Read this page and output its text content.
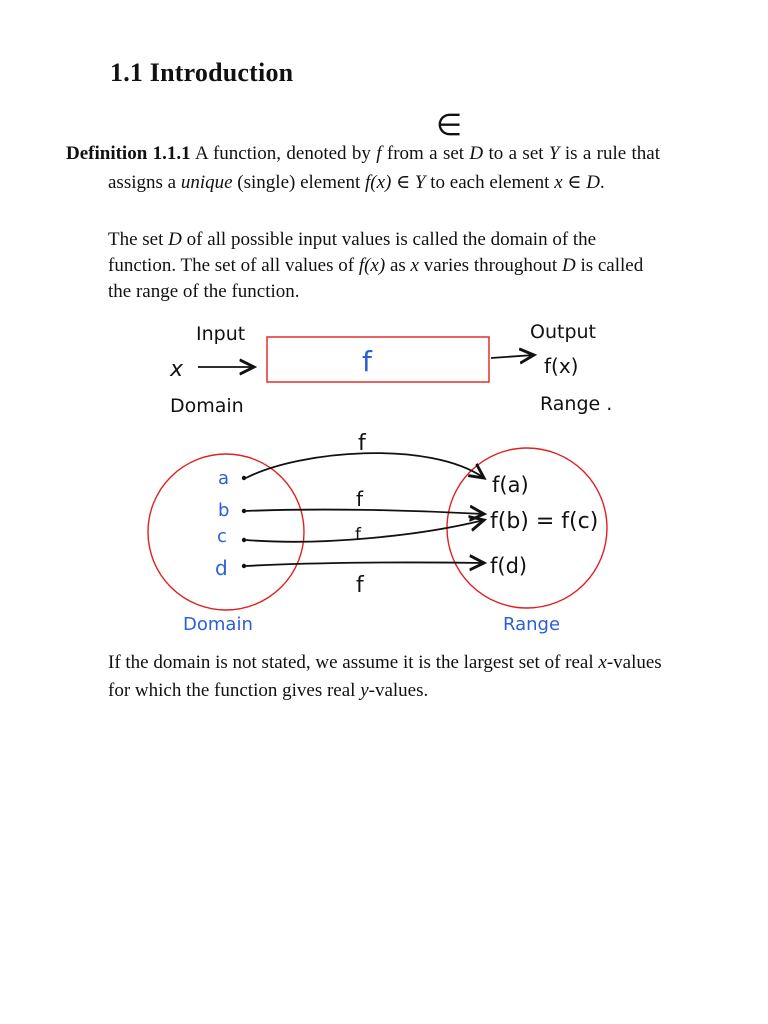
1.1 Introduction
∈

Definition 1.1.1 A function, denoted by f from a set D to a set Y is a rule that assigns a unique (single) element f(x) ∈ Y to each element x ∈ D.

The set D of all possible input values is called the domain of the function. The set of all values of f(x) as x varies throughout D is called the range of the function.

Input	Output
x	f	f(x)
Domain	Range .
a
b
c
d
f
f
f
f
f(a)
f(b) = f(c)
f(d)
Domain	Range

If the domain is not stated, we assume it is the largest set of real x-values for which the function gives real y-values.
